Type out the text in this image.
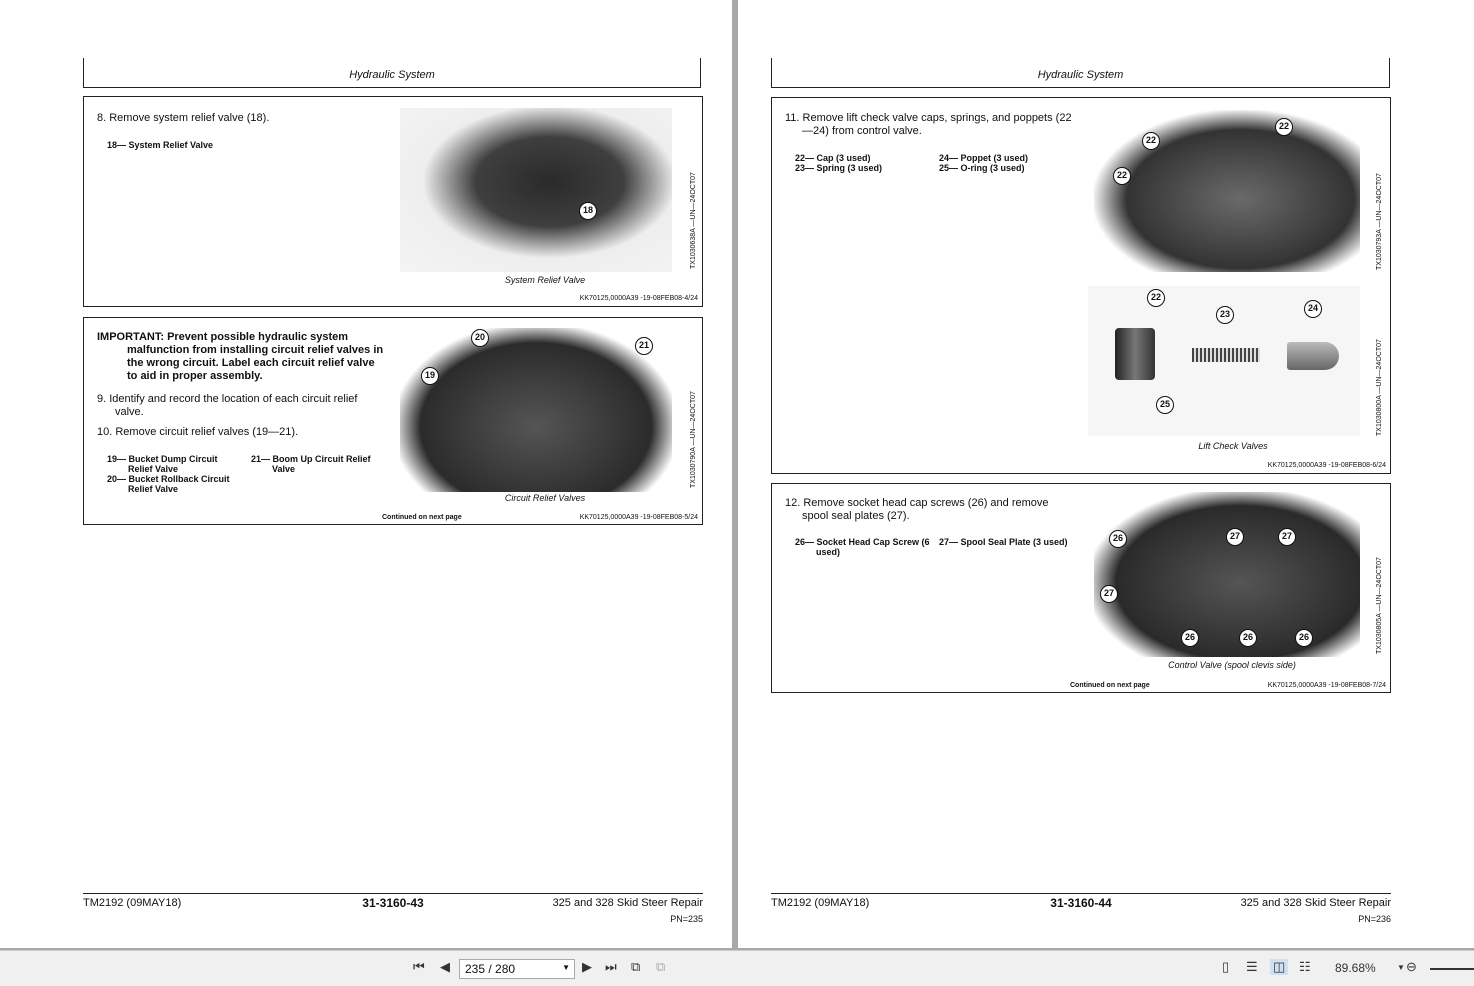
Hydraulic System
8. Remove system relief valve (18).
18— System Relief Valve
18
System Relief Valve
TX1030638A —UN—24OCT07
KK70125,0000A39 -19-08FEB08-4/24
IMPORTANT: Prevent possible hydraulic system malfunction from installing circuit relief valves in the wrong circuit. Label each circuit relief valve to aid in proper assembly.
9. Identify and record the location of each circuit relief valve.
10. Remove circuit relief valves (19—21).
19— Bucket Dump Circuit Relief Valve
20— Bucket Rollback Circuit Relief Valve
21— Boom Up Circuit Relief Valve
19
20
21
Circuit Relief Valves
TX1030790A —UN—24OCT07
Continued on next page	KK70125,0000A39 -19-08FEB08-5/24
TM2192 (09MAY18)	31-3160-43	325 and 328 Skid Steer Repair
PN=235
Hydraulic System
11. Remove lift check valve caps, springs, and poppets (22—24) from control valve.
22— Cap (3 used)
23— Spring (3 used)
24— Poppet (3 used)
25— O-ring (3 used)
22
22
22
22
23
24
25
Lift Check Valves
TX1030793A —UN—24OCT07
TX1030800A —UN—24OCT07
KK70125,0000A39 -19-08FEB08-6/24
12. Remove socket head cap screws (26) and remove spool seal plates (27).
26— Socket Head Cap Screw (6 used)
27— Spool Seal Plate (3 used)	26	27	27
27
26	26	26
Control Valve (spool clevis side)
TX1030805A —UN—24OCT07
Continued on next page	KK70125,0000A39 -19-08FEB08-7/24
TM2192 (09MAY18)	31-3160-44	325 and 328 Skid Steer Repair
PN=236
⏮ ◀	235 / 280	▼ ▶ ⏭ ⧉ ⧉	▯ ☰ ◫ ☷ 89.68%	▼ ⊖
